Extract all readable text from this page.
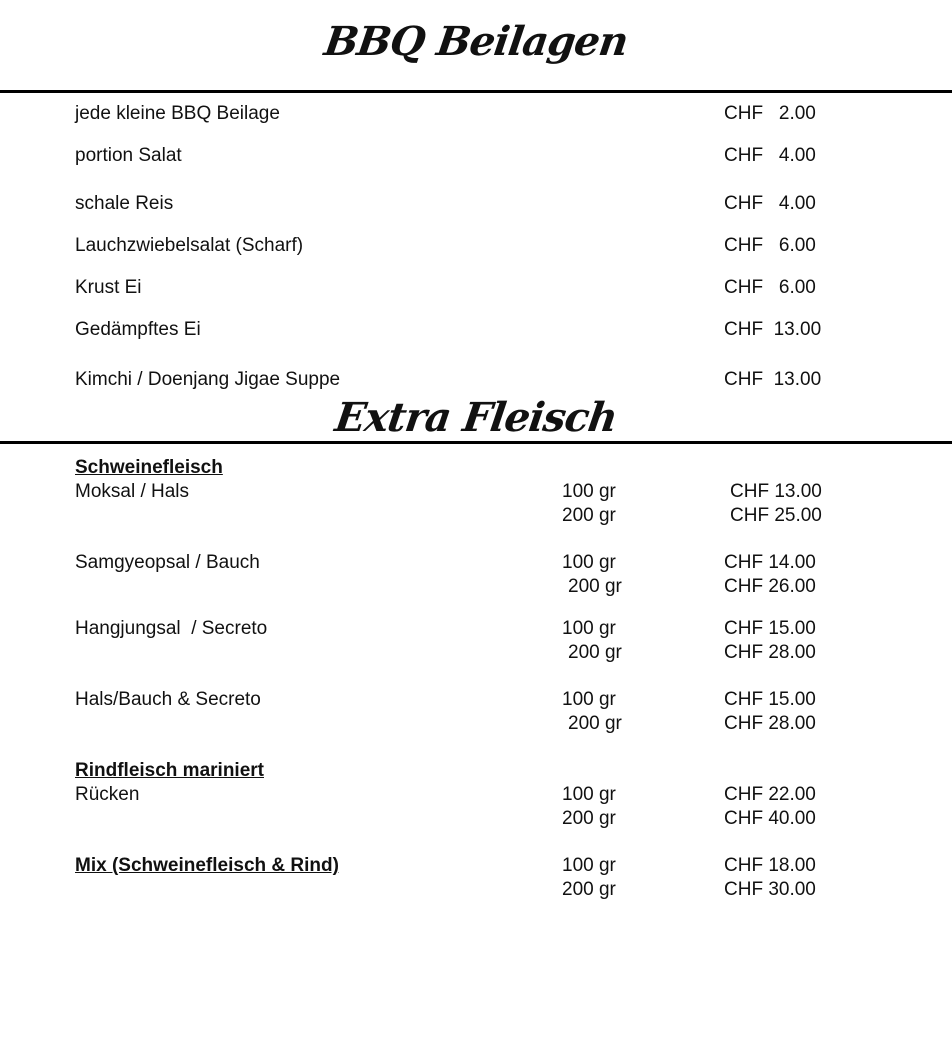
BBQ Beilagen
jede kleine BBQ Beilage	CHF   2.00
portion Salat	CHF   4.00
schale Reis	CHF   4.00
Lauchzwiebelsalat (Scharf)	CHF   6.00
Krust Ei	CHF   6.00
Gedämpftes Ei	CHF  13.00
Kimchi / Doenjang Jigae Suppe	CHF  13.00
Extra Fleisch
Schweinefleisch
Moksal / Hals	100 gr	CHF 13.00
200 gr	CHF 25.00
Samgyeopsal / Bauch	100 gr	CHF 14.00
200 gr	CHF 26.00
Hangjungsal  / Secreto	100 gr	CHF 15.00
200 gr	CHF 28.00
Hals/Bauch & Secreto	100 gr	CHF 15.00
200 gr	CHF 28.00
Rindfleisch mariniert
Rücken	100 gr	CHF 22.00
200 gr	CHF 40.00
Mix (Schweinefleisch & Rind)	100 gr	CHF 18.00
200 gr	CHF 30.00
